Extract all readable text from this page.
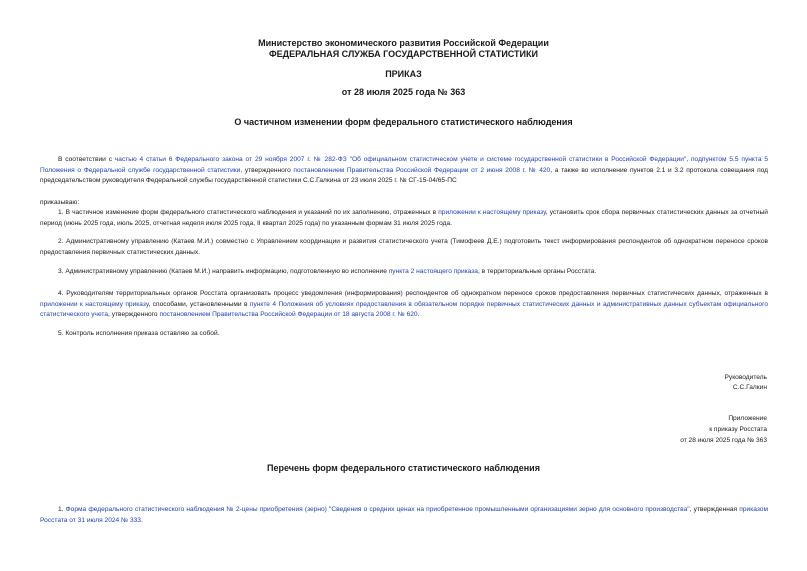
Министерство экономического развития Российской Федерации

ФЕДЕРАЛЬНАЯ СЛУЖБА ГОСУДАРСТВЕННОЙ СТАТИСТИКИ

ПРИКАЗ

от 28 июля 2025 года № 363

О частичном изменении форм федерального статистического наблюдения

В соответствии с частью 4 статьи 6 Федерального закона от 29 ноября 2007 г. № 282-ФЗ "Об официальном статистическом учете и системе государственной статистики в Российской Федерации", подпунктом 5.5 пункта 5 Положения о Федеральной службе государственной статистики, утвержденного постановлением Правительства Российской Федерации от 2 июня 2008 г. № 420, а также во исполнение пунктов 2.1 и 3.2 протокола совещания под председательством руководителя Федеральной службы государственной статистики С.С.Галкина от 23 июля 2025 г. № СГ-15-04/65-ПС

приказываю:

1. В частичное изменение форм федерального статистического наблюдения и указаний по их заполнению, отраженных в приложении к настоящему приказу, установить срок сбора первичных статистических данных за отчетный период (июнь 2025 года, июль 2025, отчетная неделя июля 2025 года, II квартал 2025 года) по указанным формам 31 июля 2025 года.

2. Административному управлению (Катаев М.И.) совместно с Управлением координации и развития статистического учета (Тимофеев Д.Е.) подготовить текст информирования респондентов об однократном переносе сроков предоставления первичных статистических данных.

3. Административному управлению (Катаев М.И.) направить информацию, подготовленную во исполнение пункта 2 настоящего приказа, в территориальные органы Росстата.

4. Руководителям территориальных органов Росстата организовать процесс уведомления (информирования) респондентов об однократном переносе сроков предоставления первичных статистических данных, отраженных в приложении к настоящему приказу, способами, установленными в пункте 4 Положения об условиях предоставления в обязательном порядке первичных статистических данных и административных данных субъектам официального статистического учета, утвержденного постановлением Правительства Российской Федерации от 18 августа 2008 г. № 620.

5. Контроль исполнения приказа оставляю за собой.

Руководитель

С.С.Галкин

Приложение

к приказу Росстата

от 28 июля 2025 года № 363

Перечень форм федерального статистического наблюдения

1. Форма федерального статистического наблюдения № 2-цены приобретения (зерно) "Сведения о средних ценах на приобретенное промышленными организациями зерно для основного производства", утвержденная приказом Росстата от 31 июля 2024 № 333.
